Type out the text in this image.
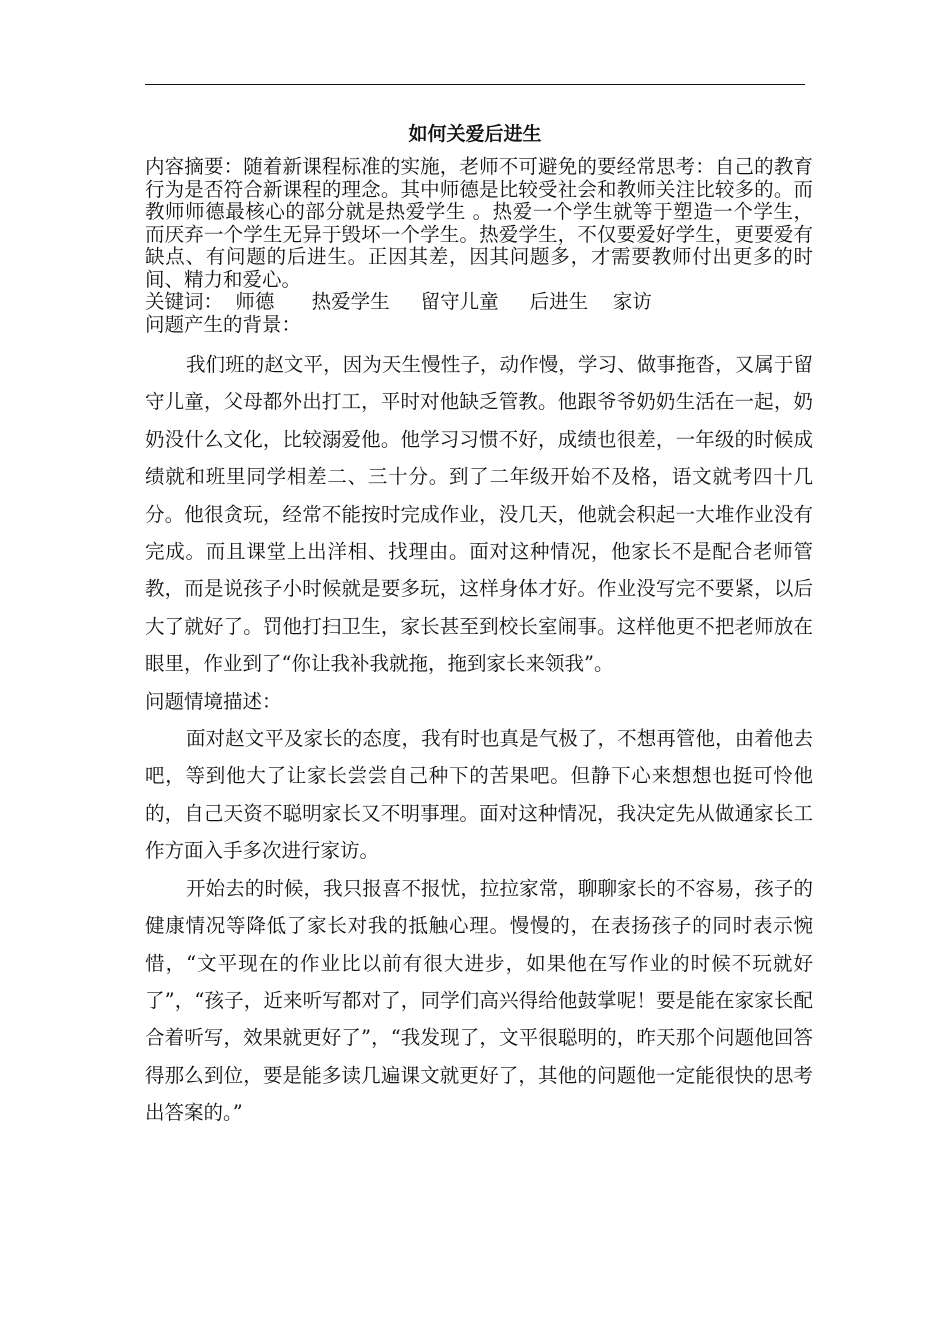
如何关爱后进生

内容摘要：随着新课程标准的实施，老师不可避免的要经常思考：自己的教育行为是否符合新课程的理念。其中师德是比较受社会和教师关注比较多的。而教师师德最核心的部分就是热爱学生 。热爱一个学生就等于塑造一个学生，而厌弃一个学生无异于毁坏一个学生。热爱学生，不仅要爱好学生，更要爱有缺点、有问题的后进生。正因其差，因其问题多，才需要教师付出更多的时间、精力和爱心。

关键词：  师德      热爱学生     留守儿童     后进生    家访

问题产生的背景：

我们班的赵文平，因为天生慢性子，动作慢，学习、做事拖沓，又属于留守儿童，父母都外出打工，平时对他缺乏管教。他跟爷爷奶奶生活在一起，奶奶没什么文化，比较溺爱他。他学习习惯不好，成绩也很差，一年级的时候成绩就和班里同学相差二、三十分。到了二年级开始不及格，语文就考四十几分。他很贪玩，经常不能按时完成作业，没几天，他就会积起一大堆作业没有完成。而且课堂上出洋相、找理由。面对这种情况，他家长不是配合老师管教，而是说孩子小时候就是要多玩，这样身体才好。作业没写完不要紧，以后大了就好了。罚他打扫卫生，家长甚至到校长室闹事。这样他更不把老师放在眼里，作业到了“你让我补我就拖，拖到家长来领我”。

问题情境描述：

面对赵文平及家长的态度，我有时也真是气极了，不想再管他，由着他去吧，等到他大了让家长尝尝自己种下的苦果吧。但静下心来想想也挺可怜他的，自己天资不聪明家长又不明事理。面对这种情况，我决定先从做通家长工作方面入手多次进行家访。

开始去的时候，我只报喜不报忧，拉拉家常，聊聊家长的不容易，孩子的健康情况等降低了家长对我的抵触心理。慢慢的，在表扬孩子的同时表示惋惜，“文平现在的作业比以前有很大进步，如果他在写作业的时候不玩就好了”，“孩子，近来听写都对了，同学们高兴得给他鼓掌呢！要是能在家家长配合着听写，效果就更好了”，“我发现了，文平很聪明的，昨天那个问题他回答得那么到位，要是能多读几遍课文就更好了，其他的问题他一定能很快的思考出答案的。”
